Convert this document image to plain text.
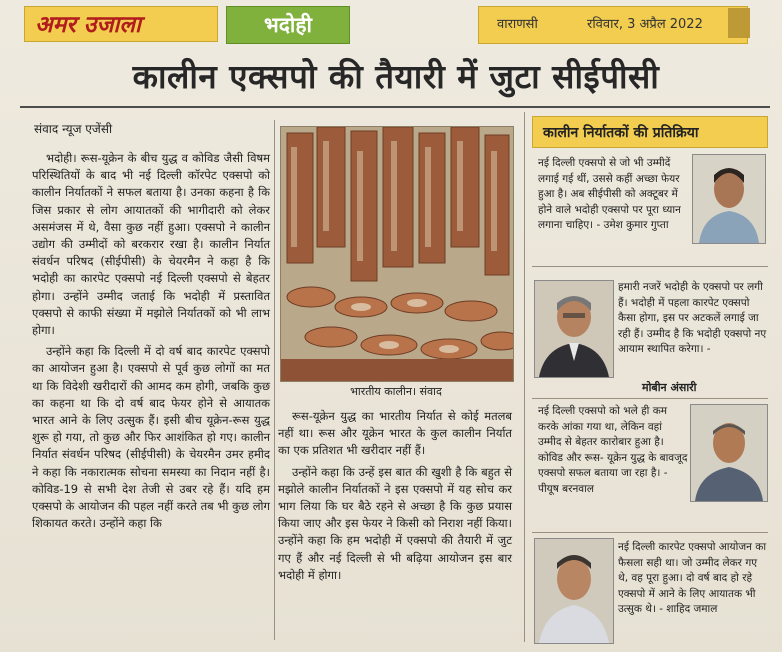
अमर उजाला	भदोही	वाराणसी	रविवार, 3 अप्रैल 2022
कालीन एक्सपो की तैयारी में जुटा सीईपीसी
संवाद न्यूज एजेंसी

भदोही। रूस-यूक्रेन के बीच युद्ध व कोविड जैसी विषम परिस्थितियों के बाद भी नई दिल्ली कॉरपेट एक्सपो को कालीन निर्यातकों ने सफल बताया है। उनका कहना है कि जिस प्रकार से लोग आयातकों की भागीदारी को लेकर असमंजस में थे, वैसा कुछ नहीं हुआ। एक्सपो ने कालीन उद्योग की उम्मीदों को बरकरार रखा है। कालीन निर्यात संवर्धन परिषद (सीईपीसी) के चेयरमैन ने कहा है कि भदोही का कारपेट एक्सपो नई दिल्ली एक्सपो से बेहतर होगा। उन्होंने उम्मीद जताई कि भदोही में प्रस्तावित एक्सपो से काफी संख्या में मझोले निर्यातकों को भी लाभ होगा।

उन्होंने कहा कि दिल्ली में दो वर्ष बाद कारपेट एक्सपो का आयोजन हुआ है। एक्सपो से पूर्व कुछ लोगों का मत था कि विदेशी खरीदारों की आमद कम होगी, जबकि कुछ का कहना था कि दो वर्ष बाद फेयर होने से आयातक भारत आने के लिए उत्सुक हैं। इसी बीच यूक्रेन-रूस युद्ध शुरू हो गया, तो कुछ और फिर आशंकित हो गए। कालीन निर्यात संवर्धन परिषद (सीईपीसी) के चेयरमैन उमर हमीद ने कहा कि नकारात्मक सोचना समस्या का निदान नहीं है। कोविड-19 से सभी देश तेजी से उबर रहे हैं। यदि हम एक्सपो के आयोजन की पहल नहीं करते तब भी कुछ लोग शिकायत करते। उन्होंने कहा कि

भारतीय कालीन। संवाद

रूस-यूक्रेन युद्ध का भारतीय निर्यात से कोई मतलब नहीं था। रूस और यूक्रेन भारत के कुल कालीन निर्यात का एक प्रतिशत भी खरीदार नहीं हैं।

उन्होंने कहा कि उन्हें इस बात की खुशी है कि बहुत से मझोले कालीन निर्यातकों ने इस एक्सपो में यह सोच कर भाग लिया कि घर बैठे रहने से अच्छा है कि कुछ प्रयास किया जाए और इस फेयर ने किसी को निराश नहीं किया। उन्होंने कहा कि हम भदोही में एक्सपो की तैयारी में जुट गए हैं और नई दिल्ली से भी बढ़िया आयोजन इस बार भदोही में होगा।

कालीन निर्यातकों की प्रतिक्रिया

नई दिल्ली एक्सपो से जो भी उम्मीदें लगाई गई थीं, उससे कहीं अच्छा फेयर हुआ है। अब सीईपीसी को अक्टूबर में होने वाले भदोही एक्सपो पर पूरा ध्यान लगाना चाहिए। - उमेश कुमार गुप्ता

हमारी नजरें भदोही के एक्सपो पर लगी हैं। भदोही में पहला कारपेट एक्सपो कैसा होगा, इस पर अटकलें लगाई जा रही हैं। उम्मीद है कि भदोही एक्सपो नए आयाम स्थापित करेगा। -

मोबीन अंसारी

नई दिल्ली एक्सपो को भले ही कम करके आंका गया था, लेकिन वहां उम्मीद से बेहतर कारोबार हुआ है। कोविड और रूस- यूक्रेन युद्ध के बावजूद एक्सपो सफल बताया जा रहा है। - पीयूष बरनवाल

नई दिल्ली कारपेट एक्सपो आयोजन का फैसला सही था। जो उम्मीद लेकर गए थे, वह पूरा हुआ। दो वर्ष बाद हो रहे एक्सपो में आने के लिए आयातक भी उत्सुक थे। - शाहिद जमाल
